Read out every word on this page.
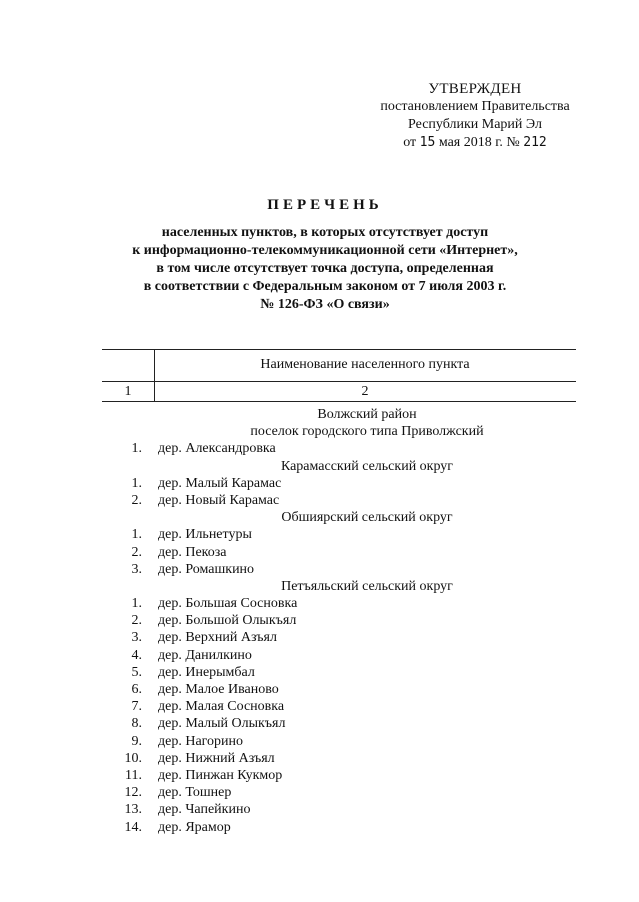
УТВЕРЖДЕН
постановлением Правительства
Республики Марий Эл
от 15 мая 2018 г. № 212
ПЕРЕЧЕНЬ
населенных пунктов, в которых отсутствует доступ
к информационно-телекоммуникационной сети «Интернет»,
в том числе отсутствует точка доступа, определенная
в соответствии с Федеральным законом от 7 июля 2003 г.
№ 126-ФЗ «О связи»
Наименование населенного пункта
1	2
Волжский район
поселок городского типа Приволжский
1. дер. Александровка
Карамасский сельский округ
1. дер. Малый Карамас
2. дер. Новый Карамас
Обшиярский сельский округ
1. дер. Ильнетуры
2. дер. Пекоза
3. дер. Ромашкино
Петъяльский сельский округ
1. дер. Большая Сосновка
2. дер. Большой Олыкъял
3. дер. Верхний Азъял
4. дер. Данилкино
5. дер. Инерымбал
6. дер. Малое Иваново
7. дер. Малая Сосновка
8. дер. Малый Олыкъял
9. дер. Нагорино
10. дер. Нижний Азъял
11. дер. Пинжан Кукмор
12. дер. Тошнер
13. дер. Чапейкино
14. дер. Ярамор
